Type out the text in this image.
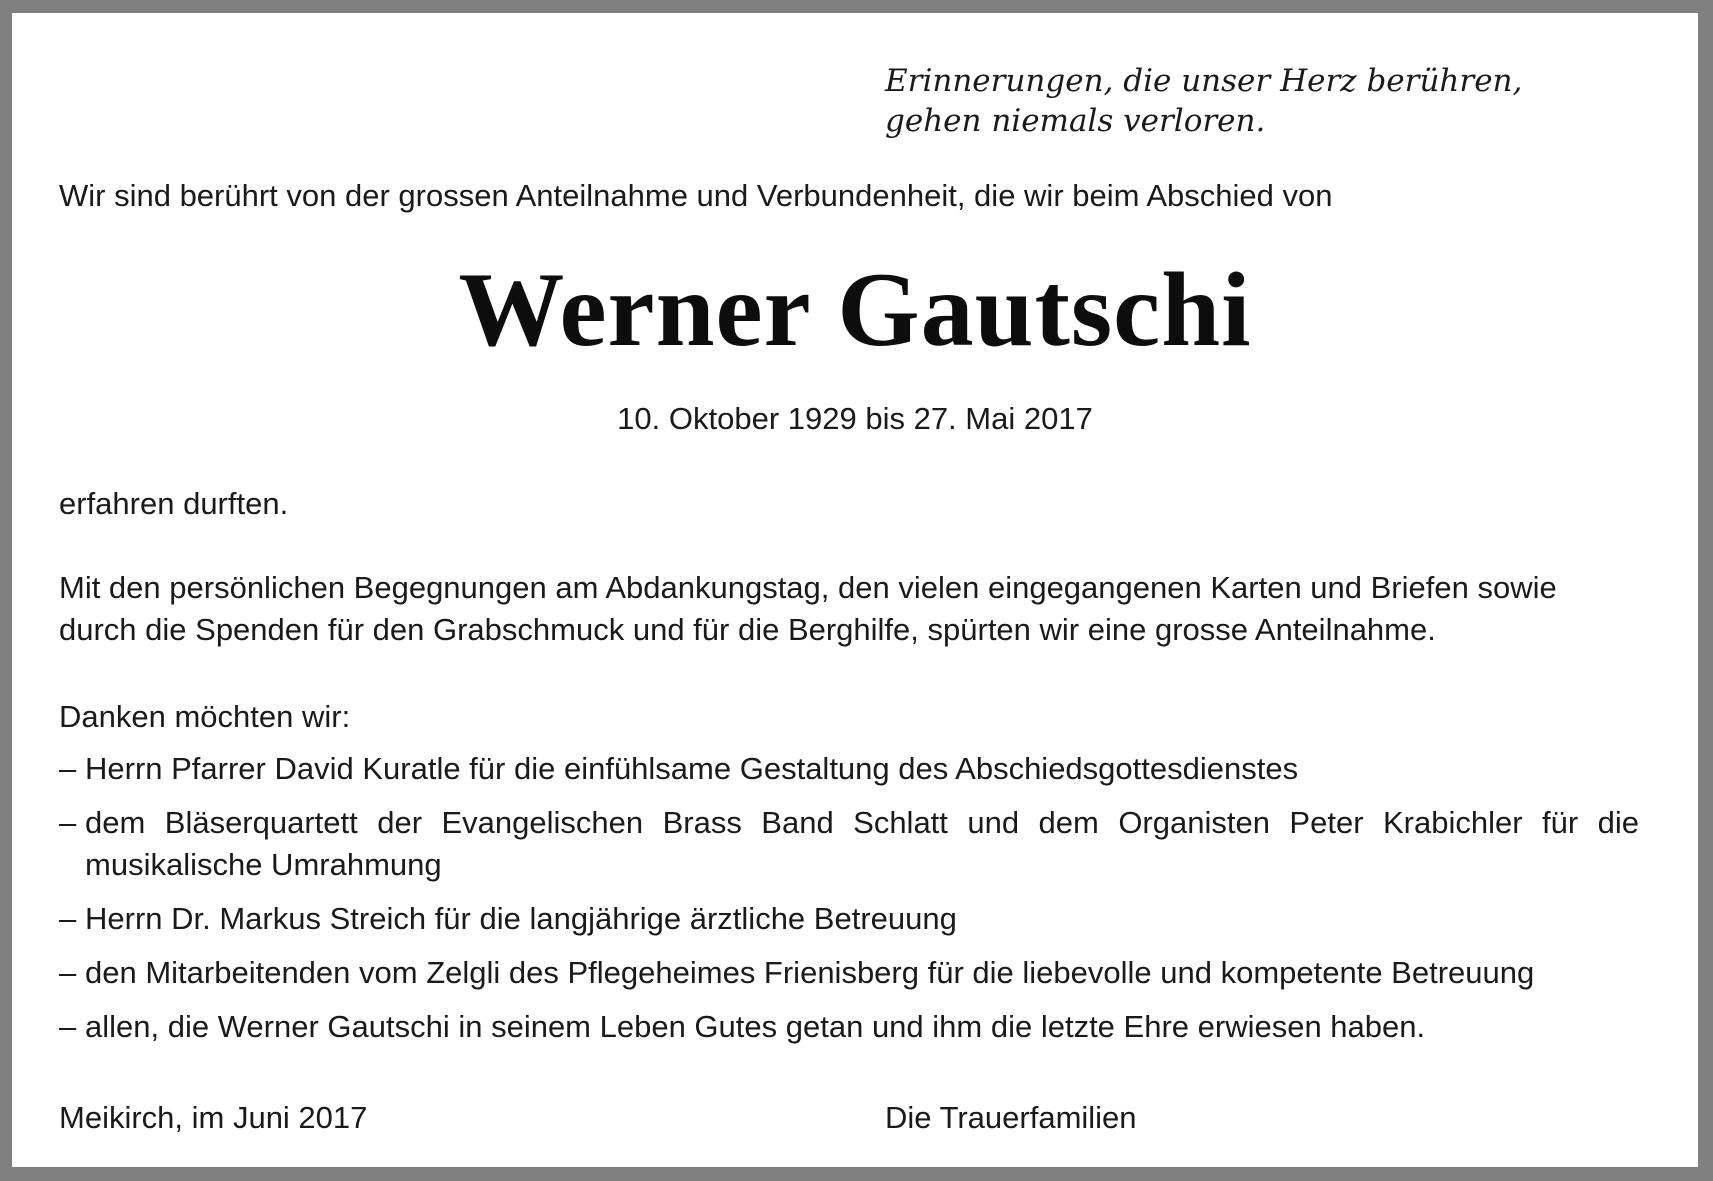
Erinnerungen, die unser Herz berühren,
gehen niemals verloren.

Wir sind berührt von der grossen Anteilnahme und Verbundenheit, die wir beim Abschied von

Werner Gautschi

10. Oktober 1929 bis 27. Mai 2017

erfahren durften.

Mit den persönlichen Begegnungen am Abdankungstag, den vielen eingegangenen Karten und Briefen sowie
durch die Spenden für den Grabschmuck und für die Berghilfe, spürten wir eine grosse Anteilnahme.

Danken möchten wir:

– Herrn Pfarrer David Kuratle für die einfühlsame Gestaltung des Abschiedsgottesdienstes
– dem Bläserquartett der Evangelischen Brass Band Schlatt und dem Organisten Peter Krabichler für die
musikalische Umrahmung
– Herrn Dr. Markus Streich für die langjährige ärztliche Betreuung
– den Mitarbeitenden vom Zelgli des Pflegeheimes Frienisberg für die liebevolle und kompetente Betreuung
– allen, die Werner Gautschi in seinem Leben Gutes getan und ihm die letzte Ehre erwiesen haben.

Meikirch, im Juni 2017	Die Trauerfamilien
